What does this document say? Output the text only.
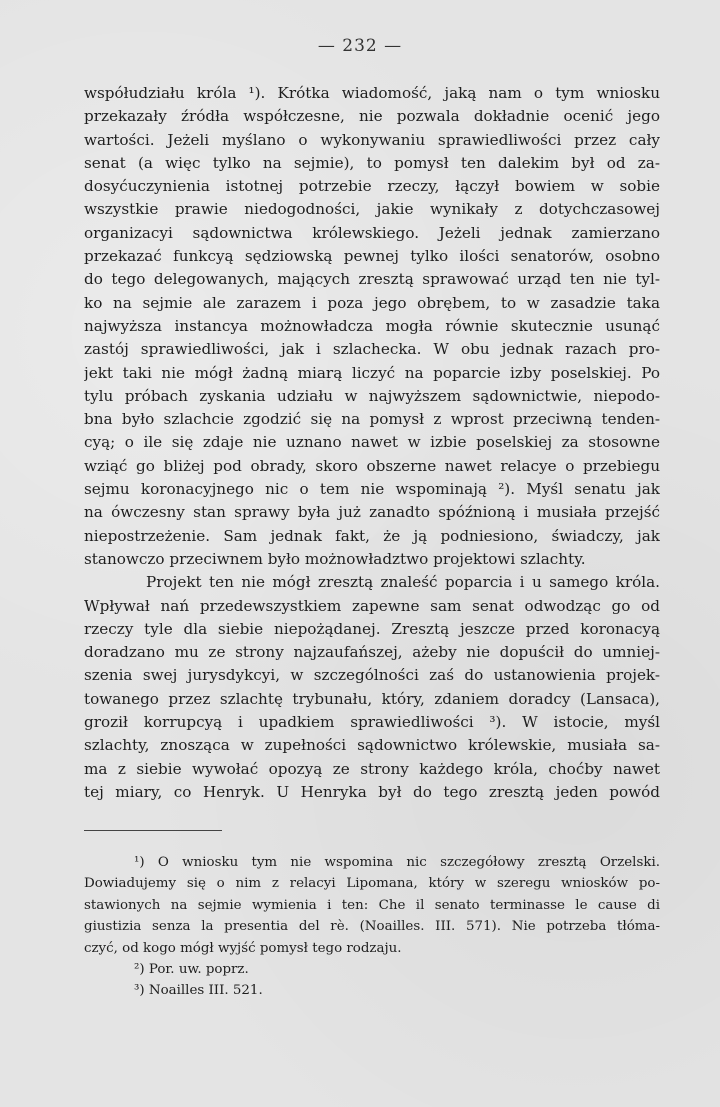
— 232 —
współudziału króla ¹). Krótka wiadomość, jaką nam o tym wniosku
przekazały źródła współczesne, nie pozwala dokładnie ocenić jego
wartości. Jeżeli myślano o wykonywaniu sprawiedliwości przez cały
senat (a więc tylko na sejmie), to pomysł ten dalekim był od za-
dosyćuczynienia istotnej potrzebie rzeczy, łączył bowiem w sobie
wszystkie prawie niedogodności, jakie wynikały z dotychczasowej
organizacyi sądownictwa królewskiego. Jeżeli jednak zamierzano
przekazać funkcyą sędziowską pewnej tylko ilości senatorów, osobno
do tego delegowanych, mających zresztą sprawować urząd ten nie tyl-
ko na sejmie ale zarazem i poza jego obrębem, to w zasadzie taka
najwyższa instancya możnowładcza mogła równie skutecznie usunąć
zastój sprawiedliwości, jak i szlachecka. W obu jednak razach pro-
jekt taki nie mógł żadną miarą liczyć na poparcie izby poselskiej. Po
tylu próbach zyskania udziału w najwyższem sądownictwie, niepodo-
bna było szlachcie zgodzić się na pomysł z wprost przeciwną tenden-
cyą; o ile się zdaje nie uznano nawet w izbie poselskiej za stosowne
wziąć go bliżej pod obrady, skoro obszerne nawet relacye o przebiegu
sejmu koronacyjnego nic o tem nie wspominają ²). Myśl senatu jak
na ówczesny stan sprawy była już zanadto spóźnioną i musiała przejść
niepostrzeżenie. Sam jednak fakt, że ją podniesiono, świadczy, jak
stanowczo przeciwnem było możnowładztwo projektowi szlachty.
Projekt ten nie mógł zresztą znaleść poparcia i u samego króla.
Wpływał nań przedewszystkiem zapewne sam senat odwodząc go od
rzeczy tyle dla siebie niepożądanej. Zresztą jeszcze przed koronacyą
doradzano mu ze strony najzaufańszej, ażeby nie dopuścił do umniej-
szenia swej jurysdykcyi, w szczególności zaś do ustanowienia projek-
towanego przez szlachtę trybunału, który, zdaniem doradcy (Lansaca),
groził korrupcyą i upadkiem sprawiedliwości ³). W istocie, myśl
szlachty, znosząca w zupełności sądownictwo królewskie, musiała sa-
ma z siebie wywołać opozyą ze strony każdego króla, choćby nawet
tej miary, co Henryk. U Henryka był do tego zresztą jeden powód
¹) O wniosku tym nie wspomina nic szczegółowy zresztą Orzelski.
Dowiadujemy się o nim z relacyi Lipomana, który w szeregu wniosków po-
stawionych na sejmie wymienia i ten: Che il senato terminasse le cause di
giustizia senza la presentia del rè. (Noailles. III. 571). Nie potrzeba tłóma-
czyć, od kogo mógł wyjść pomysł tego rodzaju.
²) Por. uw. poprz.
³) Noailles III. 521.
